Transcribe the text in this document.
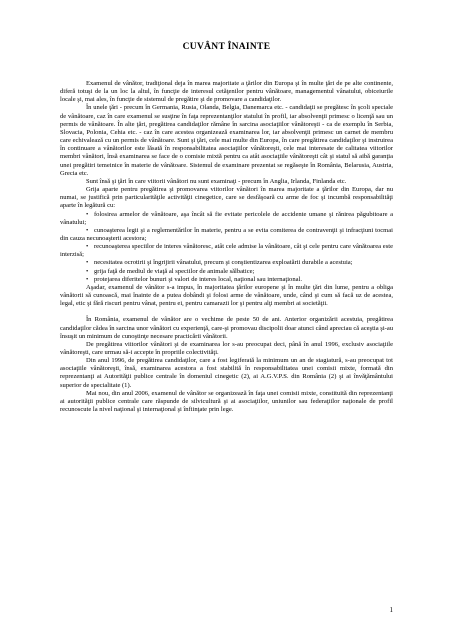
CUVÂNT ÎNAINTE

Examenul de vânător, tradiţional deja în marea majoritate a ţărilor din Europa şi în multe ţări de pe alte continente, diferă totuşi de la un loc la altul, în funcţie de interesul cetăţenilor pentru vânătoare, managementul vânatului, obiceiurile locale şi, mai ales, în funcţie de sistemul de pregătire şi de promovare a candidaţilor.

În unele ţări - precum în Germania, Rusia, Olanda, Belgia, Danemarca etc. - candidaţii se pregătesc în şcoli speciale de vânătoare, caz în care examenul se susţine în faţa reprezentanţilor statului în profil, iar absolvenţii primesc o licenţă sau un permis de vânătoare. În alte ţări, pregătirea candidaţilor rămâne în sarcina asociaţiilor vânătoreşti - ca de exemplu în Serbia, Slovacia, Polonia, Cehia etc. - caz în care acestea organizează examinarea lor, iar absolvenţii primesc un carnet de membru care echivalează cu un permis de vânătoare. Sunt şi ţări, cele mai multe din Europa, în care pregătirea candidaţilor şi instruirea în continuare a vânătorilor este lăsată în responsabilitatea asociaţiilor vânătoreşti, cele mai interesate de calitatea viitorilor membri vânători, însă examinarea se face de o comisie mixtă pentru ca atât asociaţiile vânătoreşti cât şi statul să aibă garanţia unei pregătiri temeinice în materie de vânătoare. Sistemul de examinare prezentat se regăseşte în România, Belarusia, Austria, Grecia etc.

Sunt însă şi ţări în care viitorii vânători nu sunt examinaţi - precum în Anglia, Irlanda, Finlanda etc.

Grija aparte pentru pregătirea şi promovarea viitorilor vânători în marea majoritate a ţărilor din Europa, dar nu numai, se justifică prin particularităţile activităţii cinegetice, care se desfăşoară cu arme de foc şi incumbă responsabilităţi aparte în legătură cu:

• folosirea armelor de vânătoare, aşa încât să fie evitate pericolele de accidente umane şi rănirea păgubitoare a vânatului;

• cunoaşterea legii şi a reglementărilor în materie, pentru a se evita comiterea de contravenţii şi infracţiuni tocmai din cauza necunoaşterii acestora;

• recunoaşterea speciilor de interes vânătoresc, atât cele admise la vânătoare, cât şi cele pentru care vânătoarea este interzisă;

• necesitatea ocrotirii şi îngrijirii vânatului, precum şi conştientizarea exploatării durabile a acestuia;

• grija faţă de mediul de viaţă al speciilor de animale sălbatice;

• protejarea diferitelor bunuri şi valori de interes local, naţional sau internaţional.

Aşadar, examenul de vânător s-a impus, în majoritatea ţărilor europene şi în multe ţări din lume, pentru a obliga vânătorii să cunoască, mai înainte de a putea dobândi şi folosi arme de vânătoare, unde, când şi cum să facă uz de acestea, legal, etic şi fără riscuri pentru vânat, pentru ei, pentru camarazii lor şi pentru alţi membri ai societăţii.

În România, examenul de vânător are o vechime de peste 50 de ani. Anterior organizării acestuia, pregătirea candidaţilor cădea în sarcina unor vânători cu experienţă, care-şi promovau discipolii doar atunci când apreciau că aceştia şi-au însuşit un minimum de cunoştinţe necesare practicării vânătorii.

De pregătirea viitorilor vânători şi de examinarea lor s-au preocupat deci, până în anul 1996, exclusiv asociaţiile vânătoreşti, care urmau să-i accepte în propriile colectivităţi.

Din anul 1996, de pregătirea candidaţilor, care a fost legiferată la minimum un an de stagiatură, s-au preocupat tot asociaţiile vânătoreşti, însă, examinarea acestora a fost stabilită în responsabilitatea unei comisii mixte, formată din reprezentanţi ai Autorităţii publice centrale în domeniul cinegetic (2), ai A.G.V.P.S. din România (2) şi ai învăţământului superior de specialitate (1).

Mai nou, din anul 2006, examenul de vânător se organizează în faţa unei comisii mixte, constituită din reprezentanţi ai autorităţii publice centrale care răspunde de silvicultură şi ai asociaţiilor, uniunilor sau federaţiilor naţionale de profil recunoscute la nivel naţional şi internaţional şi înfiinţate prin lege.

1
